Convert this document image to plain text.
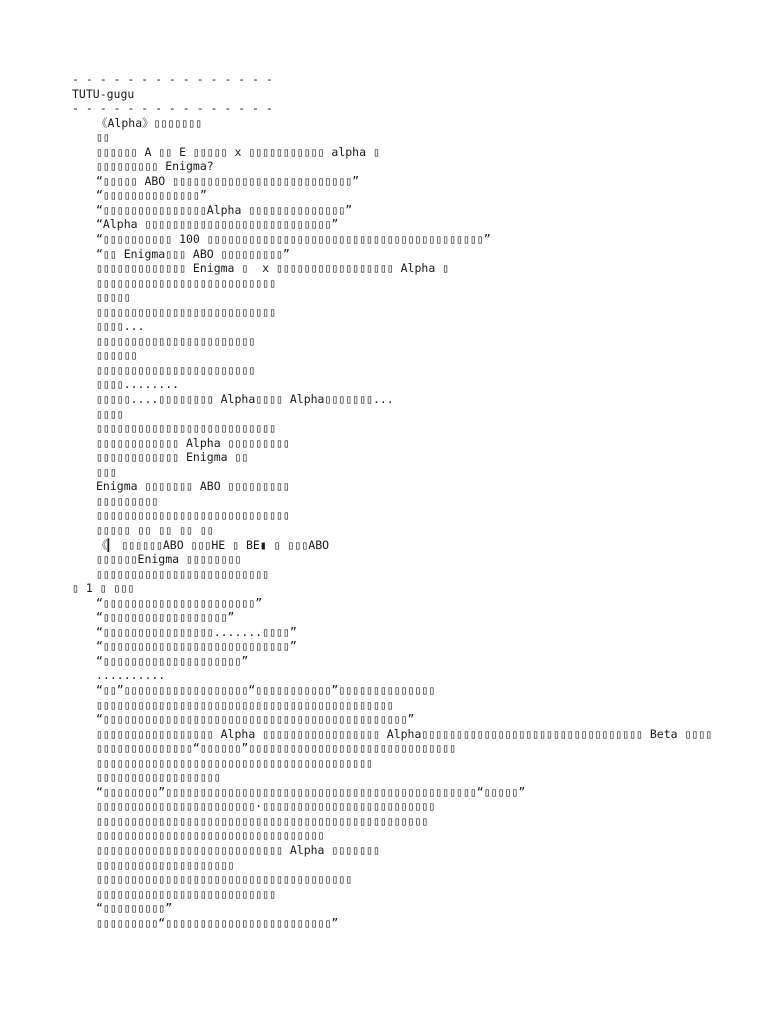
- - - - - - - - - - - - - - -
TUTU-gugu
- - - - - - - - - - - - - - -
《Alpha》▯▯▯▯▯▯▯
▯▯
▯▯▯▯▯▯ A ▯▯ E ▯▯▯▯▯ x ▯▯▯▯▯▯▯▯▯▯▯ alpha ▯
▯▯▯▯▯▯▯▯▯ Enigma?
“▯▯▯▯▯ ABO ▯▯▯▯▯▯▯▯▯▯▯▯▯▯▯▯▯▯▯▯▯▯▯▯▯▯”
“▯▯▯▯▯▯▯▯▯▯▯▯▯▯”
“▯▯▯▯▯▯▯▯▯▯▯▯▯▯▯Alpha ▯▯▯▯▯▯▯▯▯▯▯▯▯▯”
“Alpha ▯▯▯▯▯▯▯▯▯▯▯▯▯▯▯▯▯▯▯▯▯▯▯▯▯▯▯”
“▯▯▯▯▯▯▯▯▯▯ 100 ▯▯▯▯▯▯▯▯▯▯▯▯▯▯▯▯▯▯▯▯▯▯▯▯▯▯▯▯▯▯▯▯▯▯▯▯▯▯▯▯”
“▯▯ Enigma▯▯▯ ABO ▯▯▯▯▯▯▯▯▯”
▯▯▯▯▯▯▯▯▯▯▯▯▯ Enigma ▯  x ▯▯▯▯▯▯▯▯▯▯▯▯▯▯▯▯▯ Alpha ▯
▯▯▯▯▯▯▯▯▯▯▯▯▯▯▯▯▯▯▯▯▯▯▯▯▯▯
▯▯▯▯▯
▯▯▯▯▯▯▯▯▯▯▯▯▯▯▯▯▯▯▯▯▯▯▯▯▯▯
▯▯▯▯...
▯▯▯▯▯▯▯▯▯▯▯▯▯▯▯▯▯▯▯▯▯▯▯
▯▯▯▯▯▯
▯▯▯▯▯▯▯▯▯▯▯▯▯▯▯▯▯▯▯▯▯▯▯
▯▯▯▯........
▯▯▯▯▯....▯▯▯▯▯▯▯▯ Alpha▯▯▯▯ Alpha▯▯▯▯▯▯▯...
▯▯▯▯
▯▯▯▯▯▯▯▯▯▯▯▯▯▯▯▯▯▯▯▯▯▯▯▯▯▯
▯▯▯▯▯▯▯▯▯▯▯▯ Alpha ▯▯▯▯▯▯▯▯▯
▯▯▯▯▯▯▯▯▯▯▯▯ Enigma ▯▯
▯▯▯
Enigma ▯▯▯▯▯▯▯ ABO ▯▯▯▯▯▯▯▯▯
▯▯▯▯▯▯▯▯▯
▯▯▯▯▯▯▯▯▯▯▯▯▯▯▯▯▯▯▯▯▯▯▯▯▯▯▯▯
▯▯▯▯▯ ▯▯ ▯▯ ▯▯ ▯▯
《▎ ▯▯▯▯▯▯ABO ▯▯▯HE ▯ BE▮ ▯ ▯▯▯ABO
▯▯▯▯▯▯Enigma ▯▯▯▯▯▯▯▯
▯▯▯▯▯▯▯▯▯▯▯▯▯▯▯▯▯▯▯▯▯▯▯▯▯
▯ 1 ▯ ▯▯▯
“▯▯▯▯▯▯▯▯▯▯▯▯▯▯▯▯▯▯▯▯▯▯”
“▯▯▯▯▯▯▯▯▯▯▯▯▯▯▯▯▯▯”
“▯▯▯▯▯▯▯▯▯▯▯▯▯▯▯▯.......▯▯▯▯”
“▯▯▯▯▯▯▯▯▯▯▯▯▯▯▯▯▯▯▯▯▯▯▯▯▯▯▯”
“▯▯▯▯▯▯▯▯▯▯▯▯▯▯▯▯▯▯▯▯”
..........
“▯▯”▯▯▯▯▯▯▯▯▯▯▯▯▯▯▯▯▯▯“▯▯▯▯▯▯▯▯▯▯▯”▯▯▯▯▯▯▯▯▯▯▯▯▯▯
▯▯▯▯▯▯▯▯▯▯▯▯▯▯▯▯▯▯▯▯▯▯▯▯▯▯▯▯▯▯▯▯▯▯▯▯▯▯▯▯▯▯▯
“▯▯▯▯▯▯▯▯▯▯▯▯▯▯▯▯▯▯▯▯▯▯▯▯▯▯▯▯▯▯▯▯▯▯▯▯▯▯▯▯▯▯▯▯”
▯▯▯▯▯▯▯▯▯▯▯▯▯▯▯▯▯ Alpha ▯▯▯▯▯▯▯▯▯▯▯▯▯▯▯▯▯ Alpha▯▯▯▯▯▯▯▯▯▯▯▯▯▯▯▯▯▯▯▯▯▯▯▯▯▯▯▯▯▯▯▯ Beta ▯▯▯▯
▯▯▯▯▯▯▯▯▯▯▯▯▯▯“▯▯▯▯▯▯”▯▯▯▯▯▯▯▯▯▯▯▯▯▯▯▯▯▯▯▯▯▯▯▯▯▯▯▯▯▯
▯▯▯▯▯▯▯▯▯▯▯▯▯▯▯▯▯▯▯▯▯▯▯▯▯▯▯▯▯▯▯▯▯▯▯▯▯▯▯▯
▯▯▯▯▯▯▯▯▯▯▯▯▯▯▯▯▯▯
“▯▯▯▯▯▯▯▯”▯▯▯▯▯▯▯▯▯▯▯▯▯▯▯▯▯▯▯▯▯▯▯▯▯▯▯▯▯▯▯▯▯▯▯▯▯▯▯▯▯▯▯▯▯“▯▯▯▯▯”
▯▯▯▯▯▯▯▯▯▯▯▯▯▯▯▯▯▯▯▯▯▯▯·▯▯▯▯▯▯▯▯▯▯▯▯▯▯▯▯▯▯▯▯▯▯▯▯▯
▯▯▯▯▯▯▯▯▯▯▯▯▯▯▯▯▯▯▯▯▯▯▯▯▯▯▯▯▯▯▯▯▯▯▯▯▯▯▯▯▯▯▯▯▯▯▯▯
▯▯▯▯▯▯▯▯▯▯▯▯▯▯▯▯▯▯▯▯▯▯▯▯▯▯▯▯▯▯▯▯▯
▯▯▯▯▯▯▯▯▯▯▯▯▯▯▯▯▯▯▯▯▯▯▯▯▯▯▯ Alpha ▯▯▯▯▯▯▯
▯▯▯▯▯▯▯▯▯▯▯▯▯▯▯▯▯▯▯▯
▯▯▯▯▯▯▯▯▯▯▯▯▯▯▯▯▯▯▯▯▯▯▯▯▯▯▯▯▯▯▯▯▯▯▯▯▯
▯▯▯▯▯▯▯▯▯▯▯▯▯▯▯▯▯▯▯▯▯▯▯▯▯▯
“▯▯▯▯▯▯▯▯▯”
▯▯▯▯▯▯▯▯▯“▯▯▯▯▯▯▯▯▯▯▯▯▯▯▯▯▯▯▯▯▯▯▯▯”
